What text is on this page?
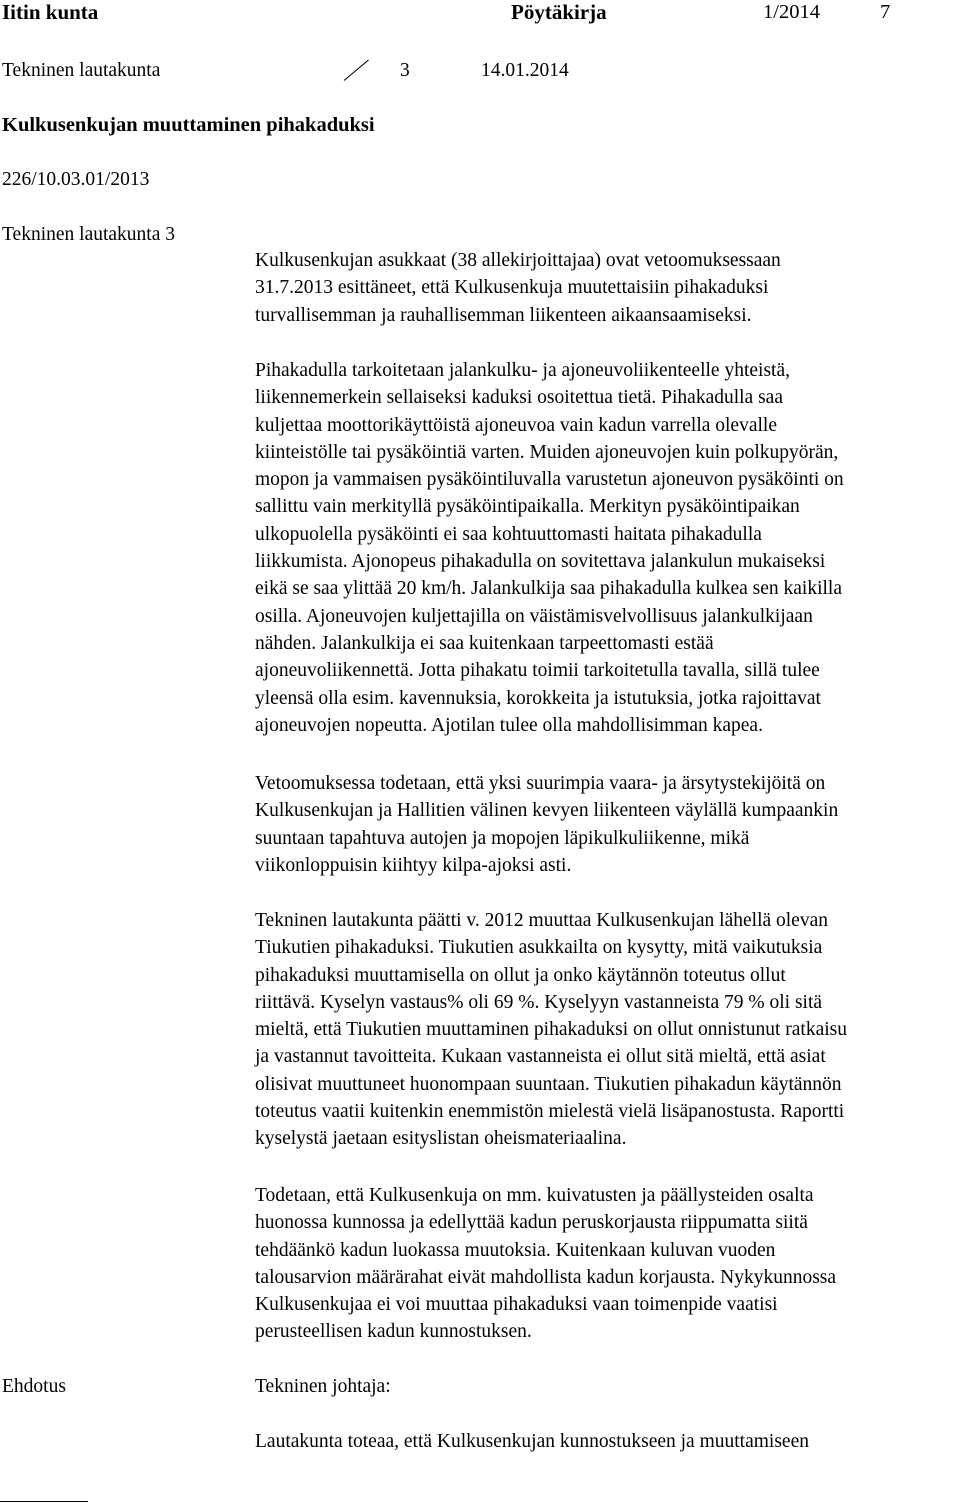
Iitin kunta	Pöytäkirja	1/2014	7
Tekninen lautakunta	3	14.01.2014
Kulkusenkujan muuttaminen pihakaduksi
226/10.03.01/2013
Tekninen lautakunta 3
Kulkusenkujan asukkaat (38 allekirjoittajaa) ovat vetoomuksessaan
31.7.2013 esittäneet, että Kulkusenkuja muutettaisiin pihakaduksi
turvallisemman ja rauhallisemman liikenteen aikaansaamiseksi.
Pihakadulla tarkoitetaan jalankulku- ja ajoneuvoliikenteelle yhteistä,
liikennemerkein sellaiseksi kaduksi osoitettua tietä. Pihakadulla saa
kuljettaa moottorikäyttöistä ajoneuvoa vain kadun varrella olevalle
kiinteistölle tai pysäköintiä varten. Muiden ajoneuvojen kuin polkupyörän,
mopon ja vammaisen pysäköintiluvalla varustetun ajoneuvon pysäköinti on
sallittu vain merkityllä pysäköintipaikalla. Merkityn pysäköintipaikan
ulkopuolella pysäköinti ei saa kohtuuttomasti haitata pihakadulla
liikkumista. Ajonopeus pihakadulla on sovitettava jalankulun mukaiseksi
eikä se saa ylittää 20 km/h. Jalankulkija saa pihakadulla kulkea sen kaikilla
osilla. Ajoneuvojen kuljettajilla on väistämisvelvollisuus jalankulkijaan
nähden. Jalankulkija ei saa kuitenkaan tarpeettomasti estää
ajoneuvoliikennettä. Jotta pihakatu toimii tarkoitetulla tavalla, sillä tulee
yleensä olla esim. kavennuksia, korokkeita ja istutuksia, jotka rajoittavat
ajoneuvojen nopeutta. Ajotilan tulee olla mahdollisimman kapea.
Vetoomuksessa todetaan, että yksi suurimpia vaara- ja ärsytystekijöitä on
Kulkusenkujan ja Hallitien välinen kevyen liikenteen väylällä kumpaankin
suuntaan tapahtuva autojen ja mopojen läpikulkuliikenne, mikä
viikonloppuisin kiihtyy kilpa-ajoksi asti.
Tekninen lautakunta päätti v. 2012 muuttaa Kulkusenkujan lähellä olevan
Tiukutien pihakaduksi. Tiukutien asukkailta on kysytty, mitä vaikutuksia
pihakaduksi muuttamisella on ollut ja onko käytännön toteutus ollut
riittävä. Kyselyn vastaus% oli 69 %. Kyselyyn vastanneista 79 % oli sitä
mieltä, että Tiukutien muuttaminen pihakaduksi on ollut onnistunut ratkaisu
ja vastannut tavoitteita. Kukaan vastanneista ei ollut sitä mieltä, että asiat
olisivat muuttuneet huonompaan suuntaan. Tiukutien pihakadun käytännön
toteutus vaatii kuitenkin enemmistön mielestä vielä lisäpanostusta. Raportti
kyselystä jaetaan esityslistan oheismateriaalina.
Todetaan, että Kulkusenkuja on mm. kuivatusten ja päällysteiden osalta
huonossa kunnossa ja edellyttää kadun peruskorjausta riippumatta siitä
tehdäänkö kadun luokassa muutoksia. Kuitenkaan kuluvan vuoden
talousarvion määrärahat eivät mahdollista kadun korjausta. Nykykunnossa
Kulkusenkujaa ei voi muuttaa pihakaduksi vaan toimenpide vaatisi
perusteellisen kadun kunnostuksen.
Ehdotus	Tekninen johtaja:
Lautakunta toteaa, että Kulkusenkujan kunnostukseen ja muuttamiseen
